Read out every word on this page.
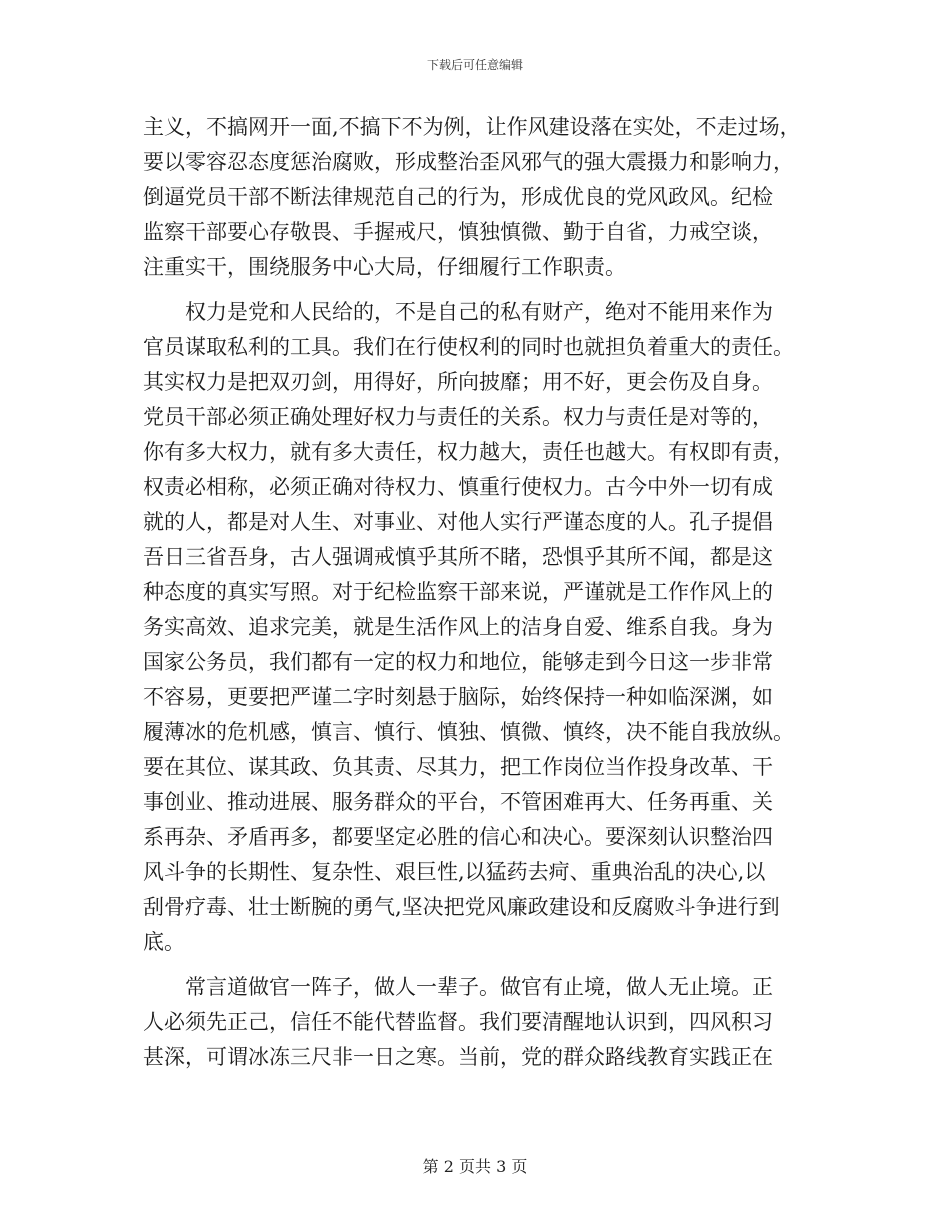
下载后可任意编辑
主义，不搞网开一面,不搞下不为例，让作风建设落在实处，不走过场，
要以零容忍态度惩治腐败，形成整治歪风邪气的强大震摄力和影响力，
倒逼党员干部不断法律规范自己的行为，形成优良的党风政风。纪检
监察干部要心存敬畏、手握戒尺，慎独慎微、勤于自省，力戒空谈，
注重实干，围绕服务中心大局，仔细履行工作职责。
　　权力是党和人民给的，不是自己的私有财产，绝对不能用来作为
官员谋取私利的工具。我们在行使权利的同时也就担负着重大的责任。
其实权力是把双刃剑，用得好，所向披靡；用不好，更会伤及自身。
党员干部必须正确处理好权力与责任的关系。权力与责任是对等的，
你有多大权力，就有多大责任，权力越大，责任也越大。有权即有责，
权责必相称，必须正确对待权力、慎重行使权力。古今中外一切有成
就的人，都是对人生、对事业、对他人实行严谨态度的人。孔子提倡
吾日三省吾身，古人强调戒慎乎其所不睹，恐惧乎其所不闻，都是这
种态度的真实写照。对于纪检监察干部来说，严谨就是工作作风上的
务实高效、追求完美，就是生活作风上的洁身自爱、维系自我。身为
国家公务员，我们都有一定的权力和地位，能够走到今日这一步非常
不容易，更要把严谨二字时刻悬于脑际，始终保持一种如临深渊，如
履薄冰的危机感，慎言、慎行、慎独、慎微、慎终，决不能自我放纵。
要在其位、谋其政、负其责、尽其力，把工作岗位当作投身改革、干
事创业、推动进展、服务群众的平台，不管困难再大、任务再重、关
系再杂、矛盾再多，都要坚定必胜的信心和决心。要深刻认识整治四
风斗争的长期性、复杂性、艰巨性,以猛药去疴、重典治乱的决心,以
刮骨疗毒、壮士断腕的勇气,坚决把党风廉政建设和反腐败斗争进行到
底。
　　常言道做官一阵子，做人一辈子。做官有止境，做人无止境。正
人必须先正己，信任不能代替监督。我们要清醒地认识到，四风积习
甚深，可谓冰冻三尺非一日之寒。当前，党的群众路线教育实践正在
第 2 页共 3 页
